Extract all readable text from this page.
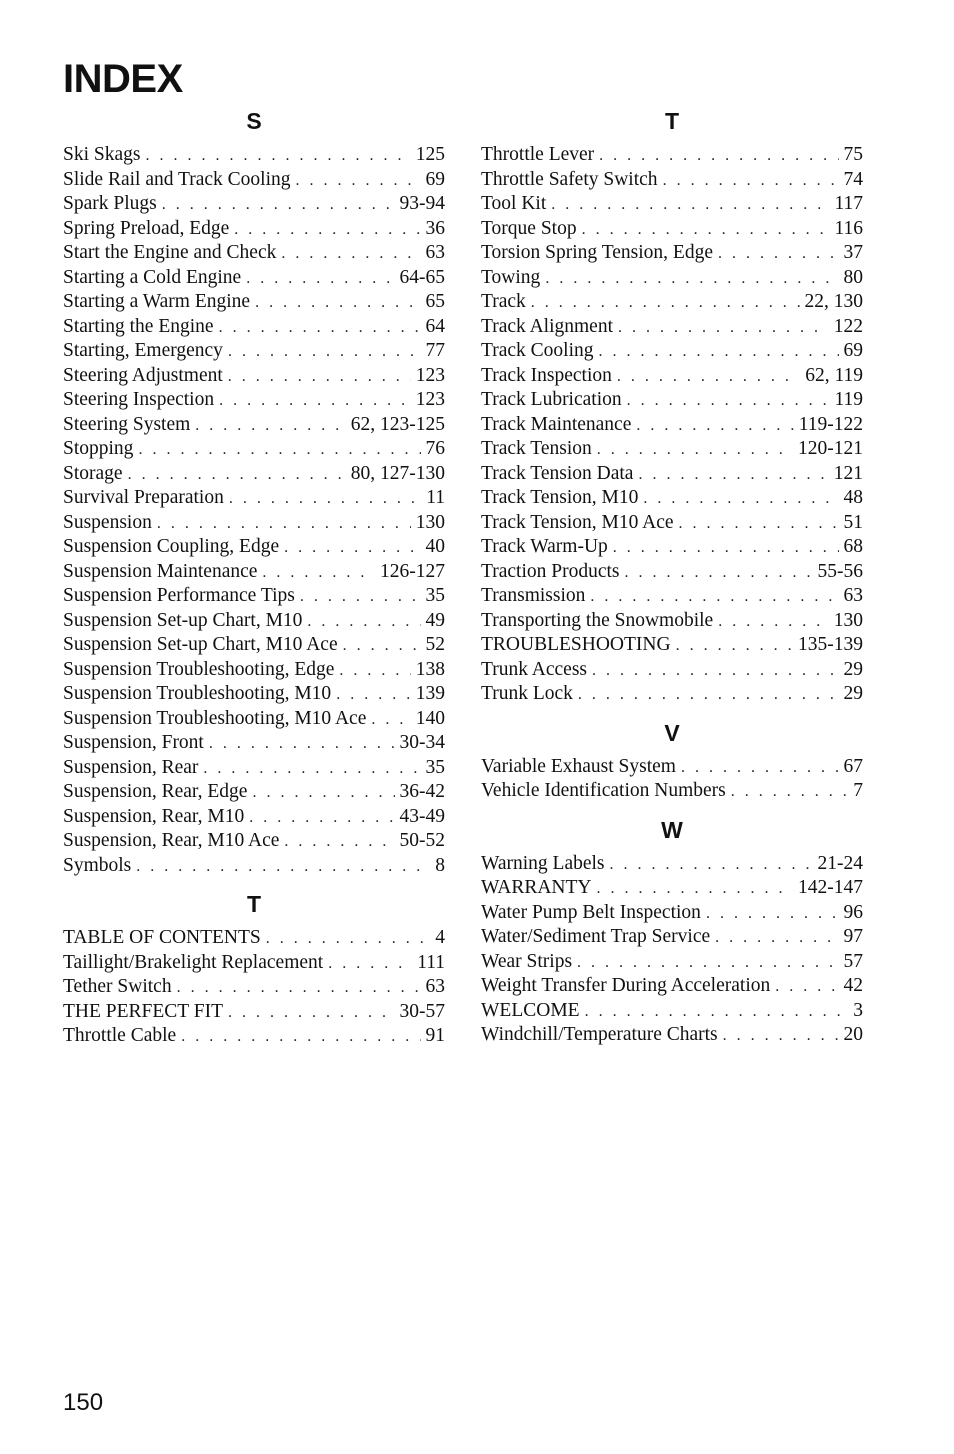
INDEX
S
Ski Skags . . .	125
Slide Rail and Track Cooling . . .	69
Spark Plugs . . .	93-94
Spring Preload, Edge . . .	36
Start the Engine and Check . . .	63
Starting a Cold Engine . . .	64-65
Starting a Warm Engine . . .	65
Starting the Engine . . .	64
Starting, Emergency . . .	77
Steering Adjustment . . .	123
Steering Inspection . . .	123
Steering System . . .	62, 123-125
Stopping . . .	76
Storage . . .	80, 127-130
Survival Preparation . . .	11
Suspension . . .	130
Suspension Coupling, Edge . . .	40
Suspension Maintenance . . .	126-127
Suspension Performance Tips . . .	35
Suspension Set-up Chart, M10 . . .	49
Suspension Set-up Chart, M10 Ace . . .	52
Suspension Troubleshooting, Edge . . .	138
Suspension Troubleshooting, M10 . . .	139
Suspension Troubleshooting, M10 Ace . . .	140
Suspension, Front . . .	30-34
Suspension, Rear . . .	35
Suspension, Rear, Edge . . .	36-42
Suspension, Rear, M10 . . .	43-49
Suspension, Rear, M10 Ace . . .	50-52
Symbols . . .	8
T
TABLE OF CONTENTS . . .	4
Taillight/Brakelight Replacement . . .	111
Tether Switch . . .	63
THE PERFECT FIT . . .	30-57
Throttle Cable . . .	91
T
Throttle Lever . . .	75
Throttle Safety Switch . . .	74
Tool Kit . . .	117
Torque Stop . . .	116
Torsion Spring Tension, Edge . . .	37
Towing . . .	80
Track . . .	22, 130
Track Alignment . . .	122
Track Cooling . . .	69
Track Inspection . . .	62, 119
Track Lubrication . . .	119
Track Maintenance . . .	119-122
Track Tension . . .	120-121
Track Tension Data . . .	121
Track Tension, M10 . . .	48
Track Tension, M10 Ace . . .	51
Track Warm-Up . . .	68
Traction Products . . .	55-56
Transmission . . .	63
Transporting the Snowmobile . . .	130
TROUBLESHOOTING . . .	135-139
Trunk Access . . .	29
Trunk Lock . . .	29
V
Variable Exhaust System . . .	67
Vehicle Identification Numbers . . .	7
W
Warning Labels . . .	21-24
WARRANTY . . .	142-147
Water Pump Belt Inspection . . .	96
Water/Sediment Trap Service . . .	97
Wear Strips . . .	57
Weight Transfer During Acceleration . . .	42
WELCOME . . .	3
Windchill/Temperature Charts . . .	20
150
